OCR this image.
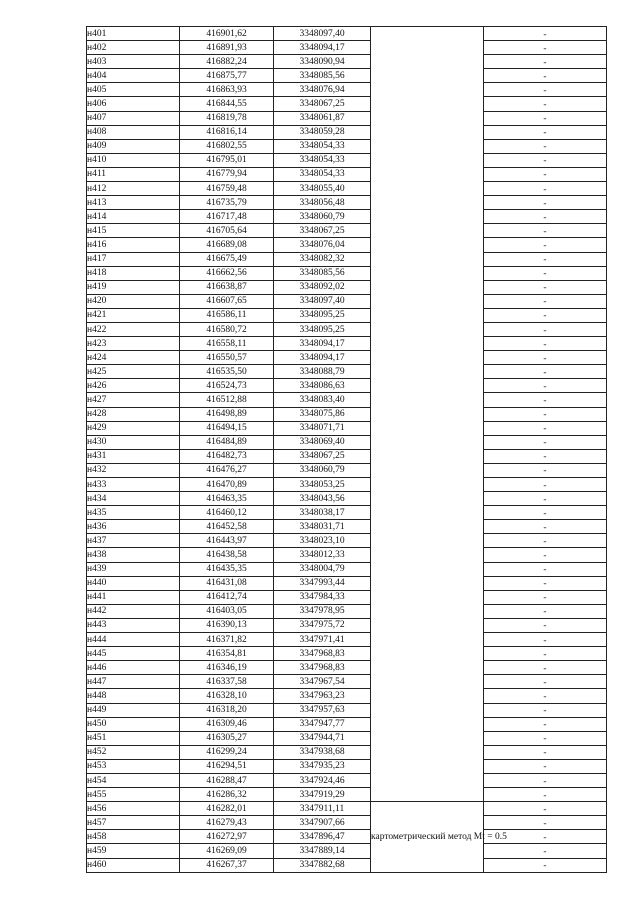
н401	416901,62	3348097,40		-
н402	416891,93	3348094,17		-
н403	416882,24	3348090,94		-
н404	416875,77	3348085,56		-
н405	416863,93	3348076,94		-
н406	416844,55	3348067,25		-
н407	416819,78	3348061,87		-
н408	416816,14	3348059,28		-
н409	416802,55	3348054,33		-
н410	416795,01	3348054,33		-
н411	416779,94	3348054,33		-
н412	416759,48	3348055,40		-
н413	416735,79	3348056,48		-
н414	416717,48	3348060,79		-
н415	416705,64	3348067,25		-
н416	416689,08	3348076,04		-
н417	416675,49	3348082,32		-
н418	416662,56	3348085,56		-
н419	416638,87	3348092,02		-
н420	416607,65	3348097,40		-
н421	416586,11	3348095,25		-
н422	416580,72	3348095,25		-
н423	416558,11	3348094,17		-
н424	416550,57	3348094,17		-
н425	416535,50	3348088,79		-
н426	416524,73	3348086,63		-
н427	416512,88	3348083,40		-
н428	416498,89	3348075,86		-
н429	416494,15	3348071,71		-
н430	416484,89	3348069,40		-
н431	416482,73	3348067,25		-
н432	416476,27	3348060,79		-
н433	416470,89	3348053,25		-
н434	416463,35	3348043,56		-
н435	416460,12	3348038,17		-
н436	416452,58	3348031,71		-
н437	416443,97	3348023,10		-
н438	416438,58	3348012,33		-
н439	416435,35	3348004,79		-
н440	416431,08	3347993,44		-
н441	416412,74	3347984,33		-
н442	416403,05	3347978,95		-
н443	416390,13	3347975,72		-
н444	416371,82	3347971,41		-
н445	416354,81	3347968,83		-
н446	416346,19	3347968,83		-
н447	416337,58	3347967,54		-
н448	416328,10	3347963,23		-
н449	416318,20	3347957,63		-
н450	416309,46	3347947,77		-
н451	416305,27	3347944,71		-
н452	416299,24	3347938,68		-
н453	416294,51	3347935,23		-
н454	416288,47	3347924,46		-
н455	416286,32	3347919,29		-
н456	416282,01	3347911,11	картометрический метод Mt = 0.5	-
н457	416279,43	3347907,66		-
н458	416272,97	3347896,47		-
н459	416269,09	3347889,14		-
н460	416267,37	3347882,68		-
